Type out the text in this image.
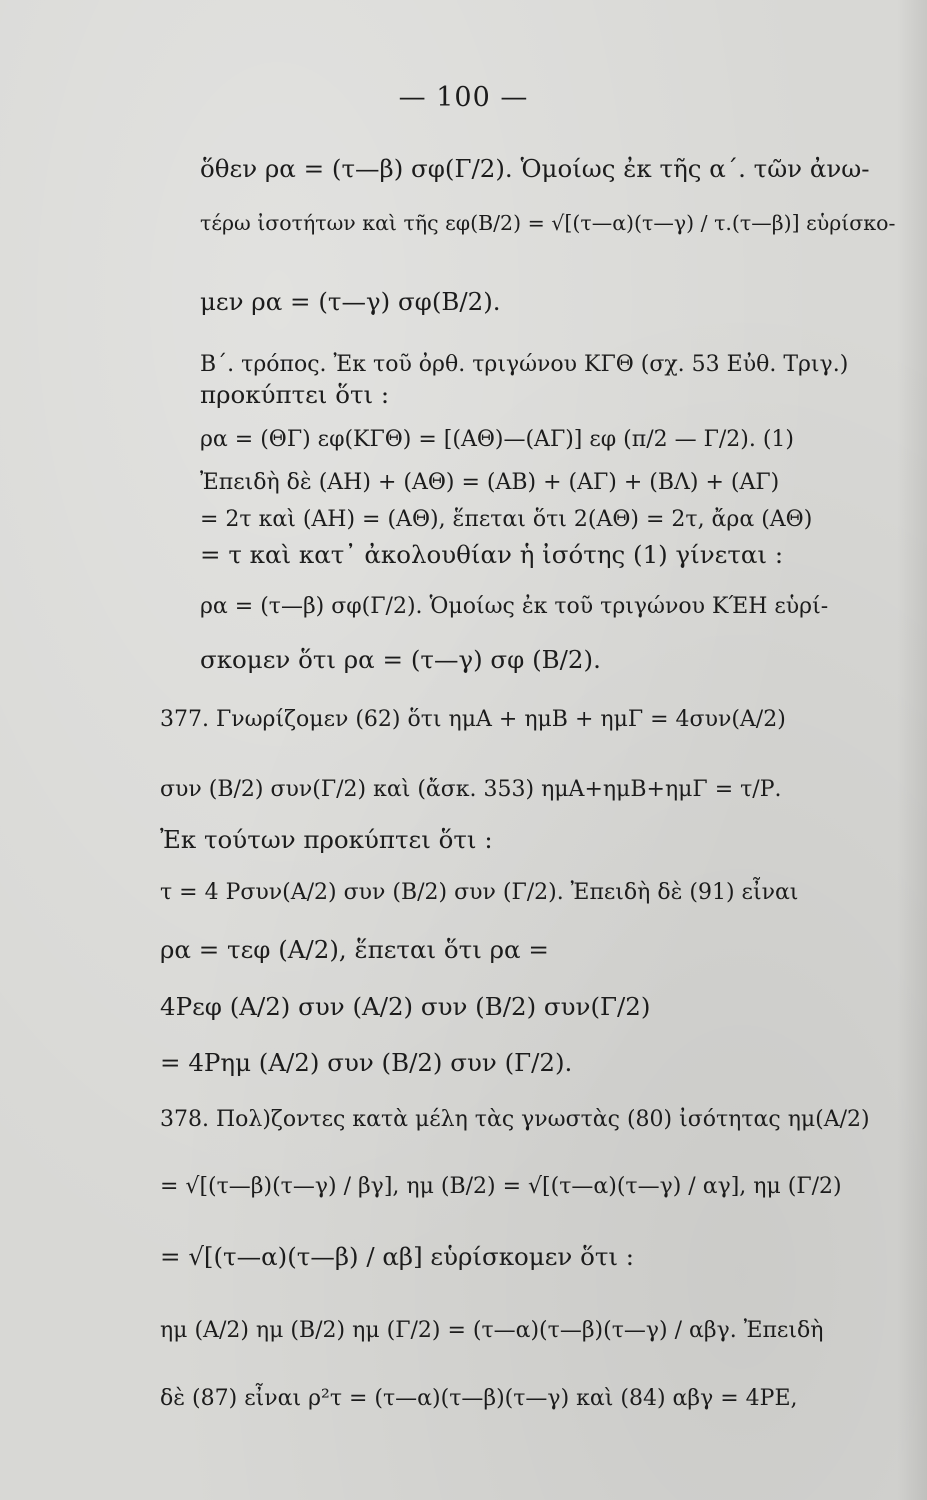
— 100 —
ὅθεν ρα = (τ—β) σφ(Γ/2). Ὁμοίως ἐκ τῆς α΄. τῶν ἀνω-
τέρω ἰσοτήτων καὶ τῆς εφ(Β/2) = √[(τ—α)(τ—γ) / τ.(τ—β)] εὑρίσκο-
μεν ρα = (τ—γ) σφ(Β/2).
Β΄. τρόπος. Ἐκ τοῦ ὀρθ. τριγώνου ΚΓΘ (σχ. 53 Εὐθ. Τριγ.)
προκύπτει ὅτι :
ρα = (ΘΓ) εφ(ΚΓΘ) = [(ΑΘ)—(ΑΓ)] εφ (π/2 — Γ/2). (1)
Ἐπειδὴ δὲ (ΑΗ) + (ΑΘ) = (ΑΒ) + (ΑΓ) + (ΒΛ) + (ΑΓ)
= 2τ καὶ (ΑΗ) = (ΑΘ), ἕπεται ὅτι 2(ΑΘ) = 2τ, ἄρα (ΑΘ)
= τ καὶ κατ᾽ ἀκολουθίαν ἡ ἰσότης (1) γίνεται :
ρα = (τ—β) σφ(Γ/2). Ὁμοίως ἐκ τοῦ τριγώνου ΚΈΗ εὑρί-
σκομεν ὅτι ρα = (τ—γ) σφ (Β/2).
377. Γνωρίζομεν (62) ὅτι ημΑ + ημΒ + ημΓ = 4συν(Α/2)
συν (Β/2) συν(Γ/2) καὶ (ἄσκ. 353) ημΑ+ημΒ+ημΓ = τ/Ρ.
Ἐκ τούτων προκύπτει ὅτι :
τ = 4 Ρσυν(Α/2) συν (Β/2) συν (Γ/2). Ἐπειδὴ δὲ (91) εἶναι
ρα = τεφ (Α/2), ἕπεται ὅτι ρα =
4Ρεφ (Α/2) συν (Α/2) συν (Β/2) συν(Γ/2)
= 4Ρημ (Α/2) συν (Β/2) συν (Γ/2).
378. Πολ)ζοντες κατὰ μέλη τὰς γνωστὰς (80) ἰσότητας ημ(Α/2)
= √[(τ—β)(τ—γ) / βγ], ημ (Β/2) = √[(τ—α)(τ—γ) / αγ], ημ (Γ/2)
= √[(τ—α)(τ—β) / αβ] εὑρίσκομεν ὅτι :
ημ (Α/2) ημ (Β/2) ημ (Γ/2) = (τ—α)(τ—β)(τ—γ) / αβγ. Ἐπειδὴ
δὲ (87) εἶναι ρ²τ = (τ—α)(τ—β)(τ—γ) καὶ (84) αβγ = 4ΡΕ,
